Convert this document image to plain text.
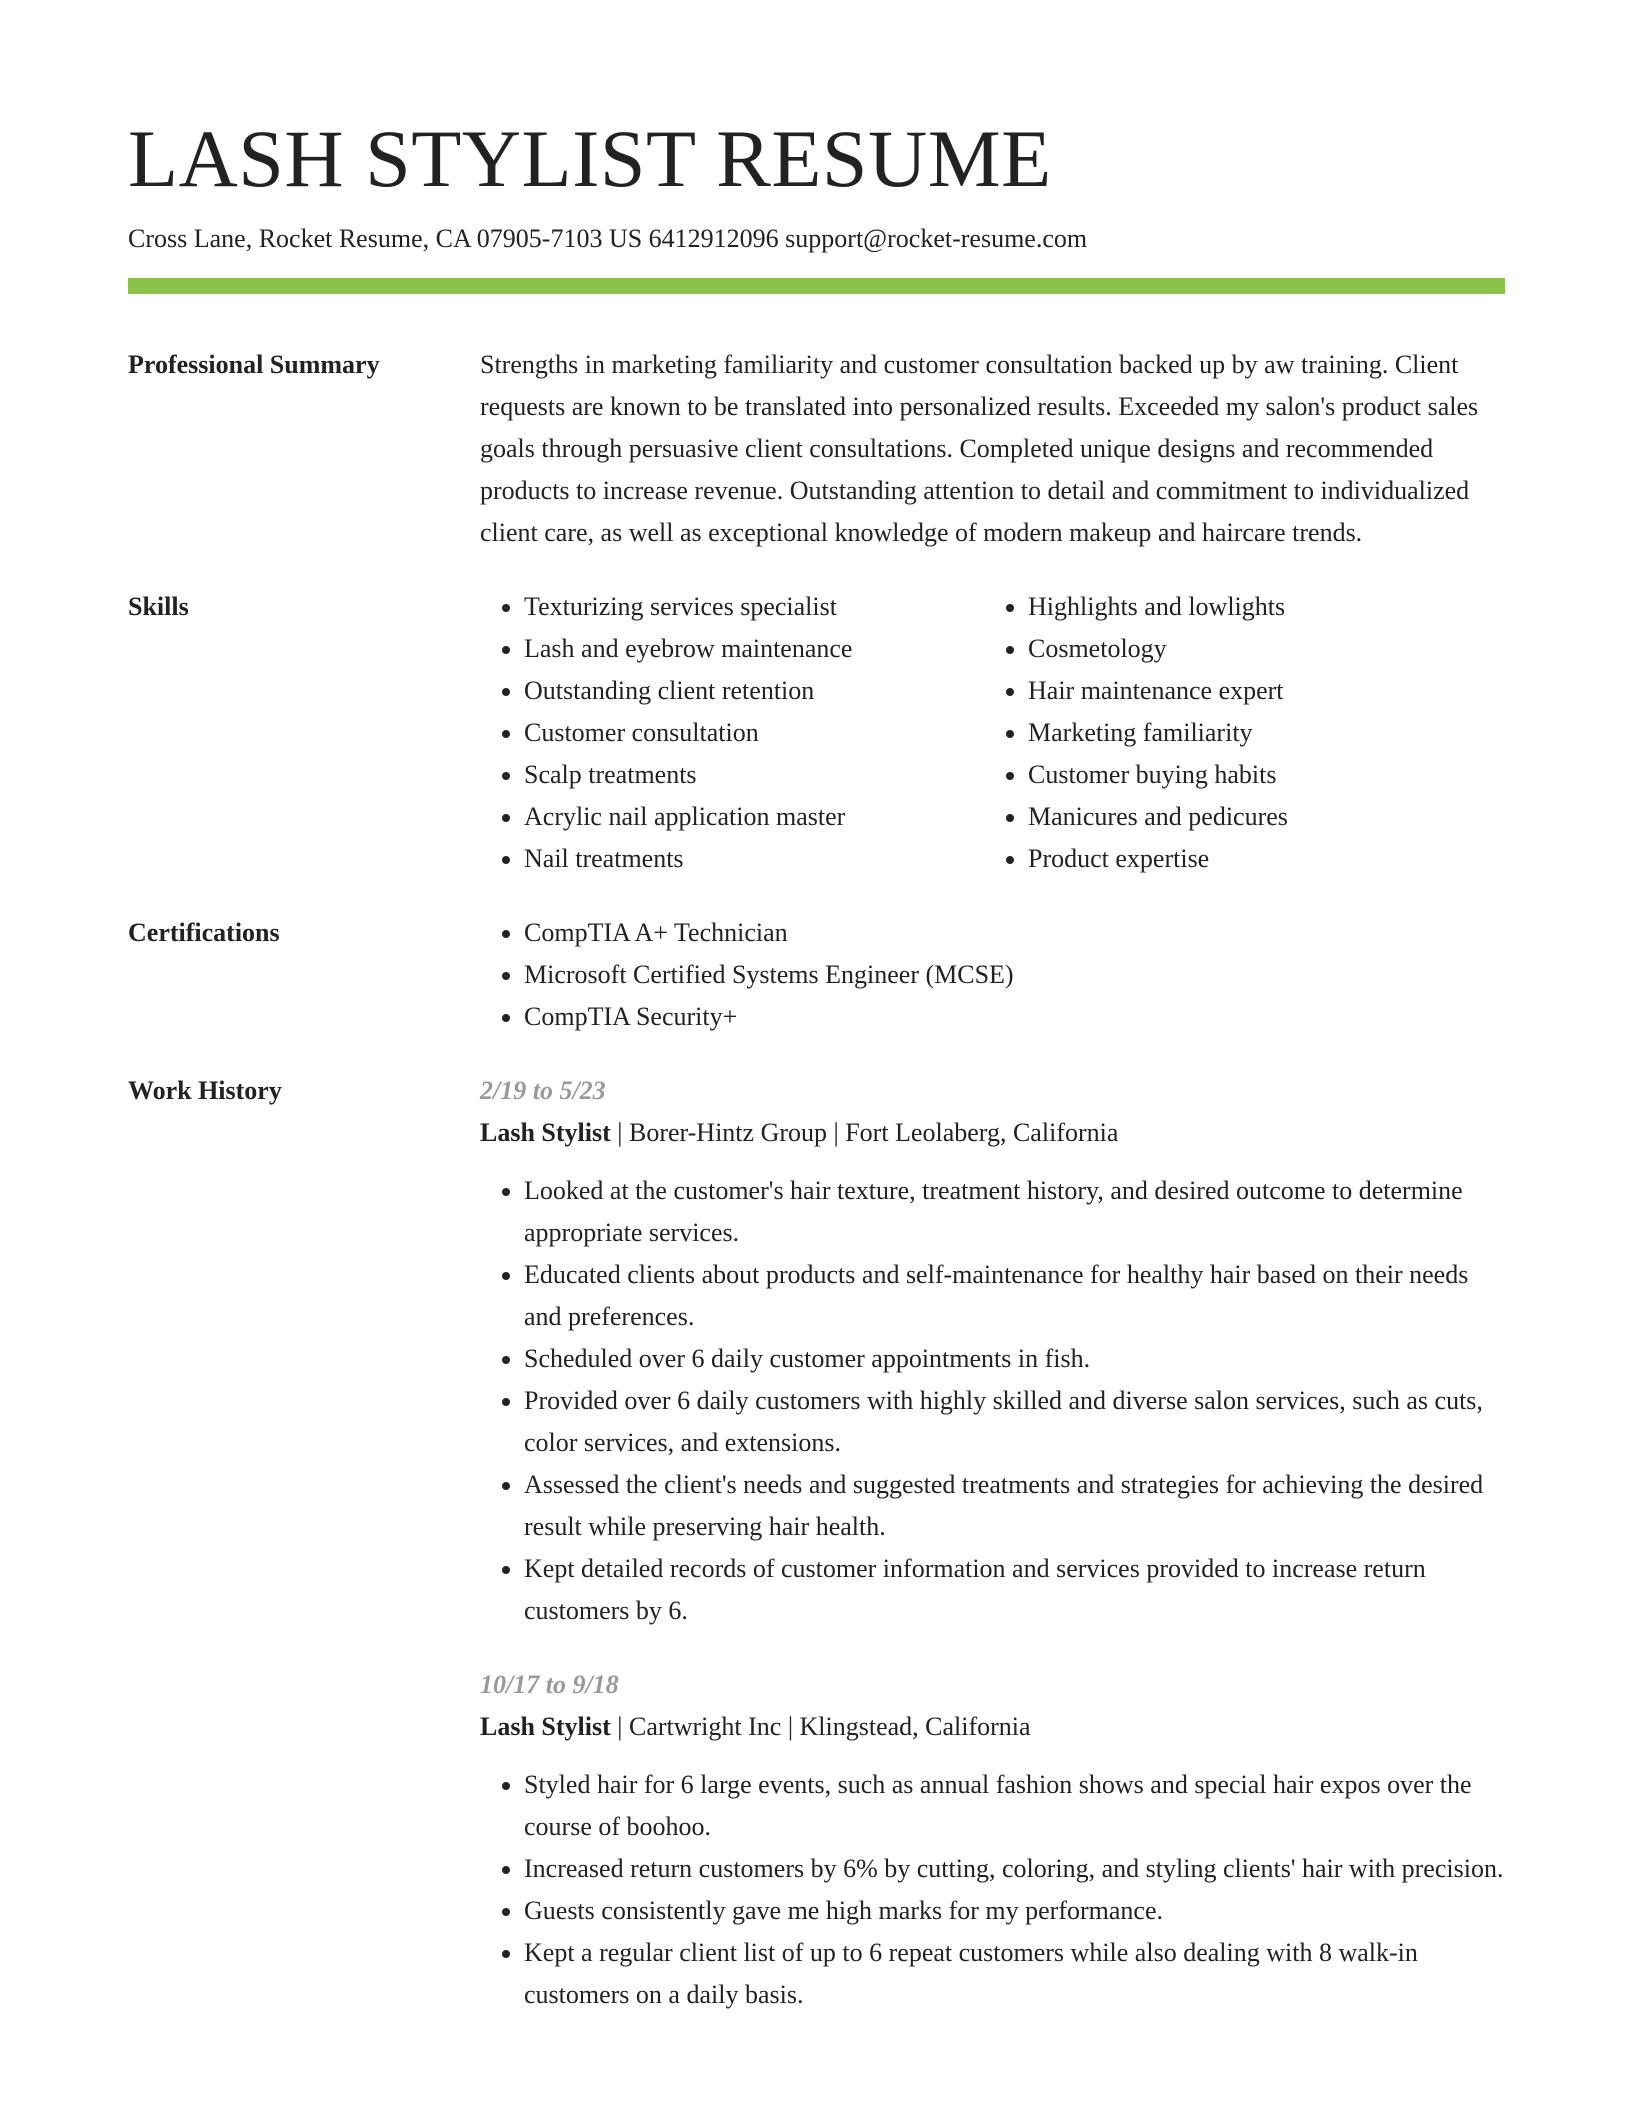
LASH STYLIST RESUME
Cross Lane, Rocket Resume, CA 07905-7103 US 6412912096 support@rocket-resume.com
Professional Summary	Strengths in marketing familiarity and customer consultation backed up by aw training. Client requests are known to be translated into personalized results. Exceeded my salon's product sales goals through persuasive client consultations. Completed unique designs and recommended products to increase revenue. Outstanding attention to detail and commitment to individualized client care, as well as exceptional knowledge of modern makeup and haircare trends.
Skills	• Texturizing services specialist
• Lash and eyebrow maintenance
• Outstanding client retention
• Customer consultation
• Scalp treatments
• Acrylic nail application master
• Nail treatments
• Highlights and lowlights
• Cosmetology
• Hair maintenance expert
• Marketing familiarity
• Customer buying habits
• Manicures and pedicures
• Product expertise
Certifications	• CompTIA A+ Technician
• Microsoft Certified Systems Engineer (MCSE)
• CompTIA Security+
Work History	2/19 to 5/23
Lash Stylist | Borer-Hintz Group | Fort Leolaberg, California
• Looked at the customer's hair texture, treatment history, and desired outcome to determine appropriate services.
• Educated clients about products and self-maintenance for healthy hair based on their needs and preferences.
• Scheduled over 6 daily customer appointments in fish.
• Provided over 6 daily customers with highly skilled and diverse salon services, such as cuts, color services, and extensions.
• Assessed the client's needs and suggested treatments and strategies for achieving the desired result while preserving hair health.
• Kept detailed records of customer information and services provided to increase return customers by 6.
10/17 to 9/18
Lash Stylist | Cartwright Inc | Klingstead, California
• Styled hair for 6 large events, such as annual fashion shows and special hair expos over the course of boohoo.
• Increased return customers by 6% by cutting, coloring, and styling clients' hair with precision.
• Guests consistently gave me high marks for my performance.
• Kept a regular client list of up to 6 repeat customers while also dealing with 8 walk-in customers on a daily basis.
